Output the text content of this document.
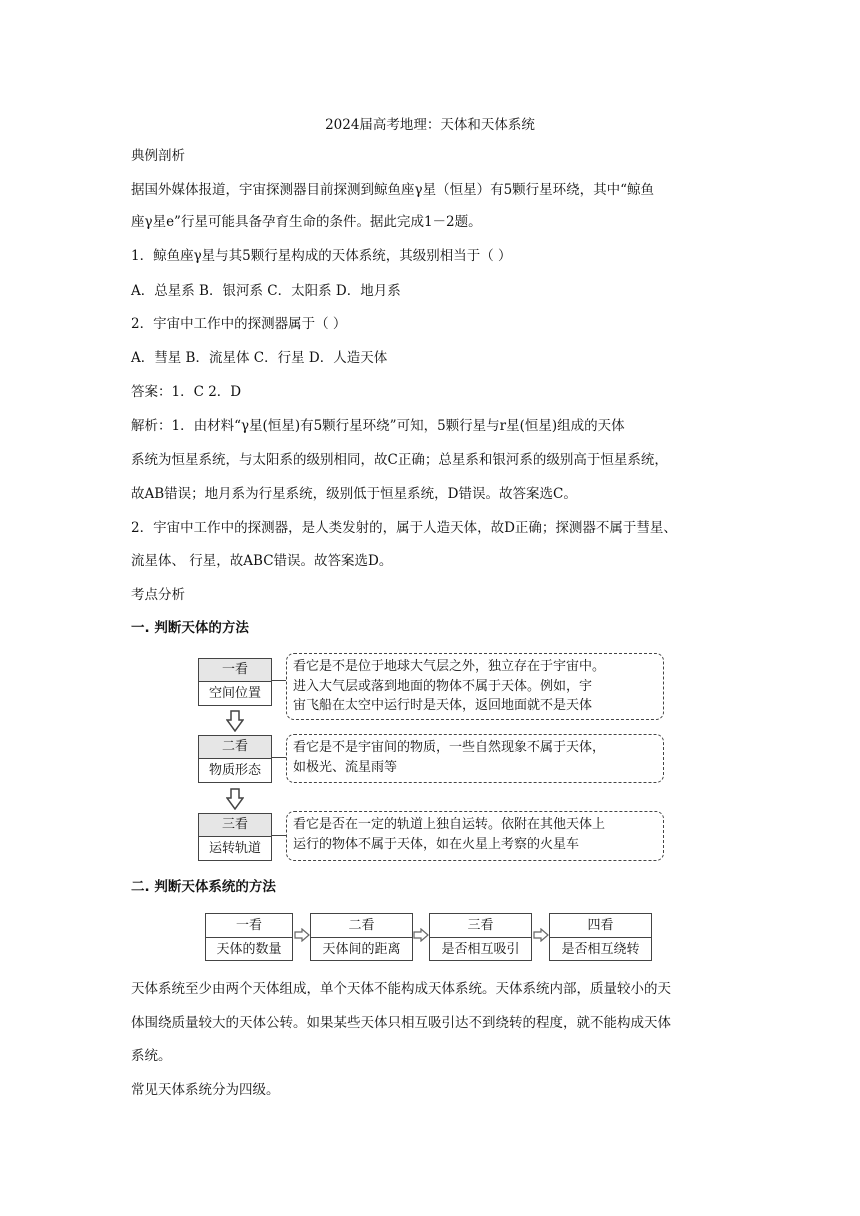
2024届高考地理：天体和天体系统
典例剖析
据国外媒体报道，宇宙探测器目前探测到鲸鱼座γ星（恒星）有5颗行星环绕，其中“鲸鱼
座γ星e”行星可能具备孕育生命的条件。据此完成1－2题。
1．鲸鱼座γ星与其5颗行星构成的天体系统，其级别相当于（ ）
A．总星系 B．银河系 C．太阳系 D．地月系
2．宇宙中工作中的探测器属于（ ）
A．彗星 B．流星体 C．行星 D．人造天体
答案：1．C 2．D
解析：1．由材料“γ星(恒星)有5颗行星环绕”可知，5颗行星与r星(恒星)组成的天体
系统为恒星系统，与太阳系的级别相同，故C正确；总星系和银河系的级别高于恒星系统，
故AB错误；地月系为行星系统，级别低于恒星系统，D错误。故答案选C。
2．宇宙中工作中的探测器，是人类发射的，属于人造天体，故D正确；探测器不属于彗星、
流星体、 行星，故ABC错误。故答案选D。
考点分析
一. 判断天体的方法
一看
空间位置
看它是不是位于地球大气层之外，独立存在于宇宙中。
进入大气层或落到地面的物体不属于天体。例如，宇
宙飞船在太空中运行时是天体，返回地面就不是天体
二看
物质形态
看它是不是宇宙间的物质，一些自然现象不属于天体，
如极光、流星雨等
三看
运转轨道
看它是否在一定的轨道上独自运转。依附在其他天体上
运行的物体不属于天体，如在火星上考察的火星车
二. 判断天体系统的方法
一看
天体的数量
二看
天体间的距离
三看
是否相互吸引
四看
是否相互绕转
天体系统至少由两个天体组成，单个天体不能构成天体系统。天体系统内部，质量较小的天
体围绕质量较大的天体公转。如果某些天体只相互吸引达不到绕转的程度，就不能构成天体
系统。
常见天体系统分为四级。
